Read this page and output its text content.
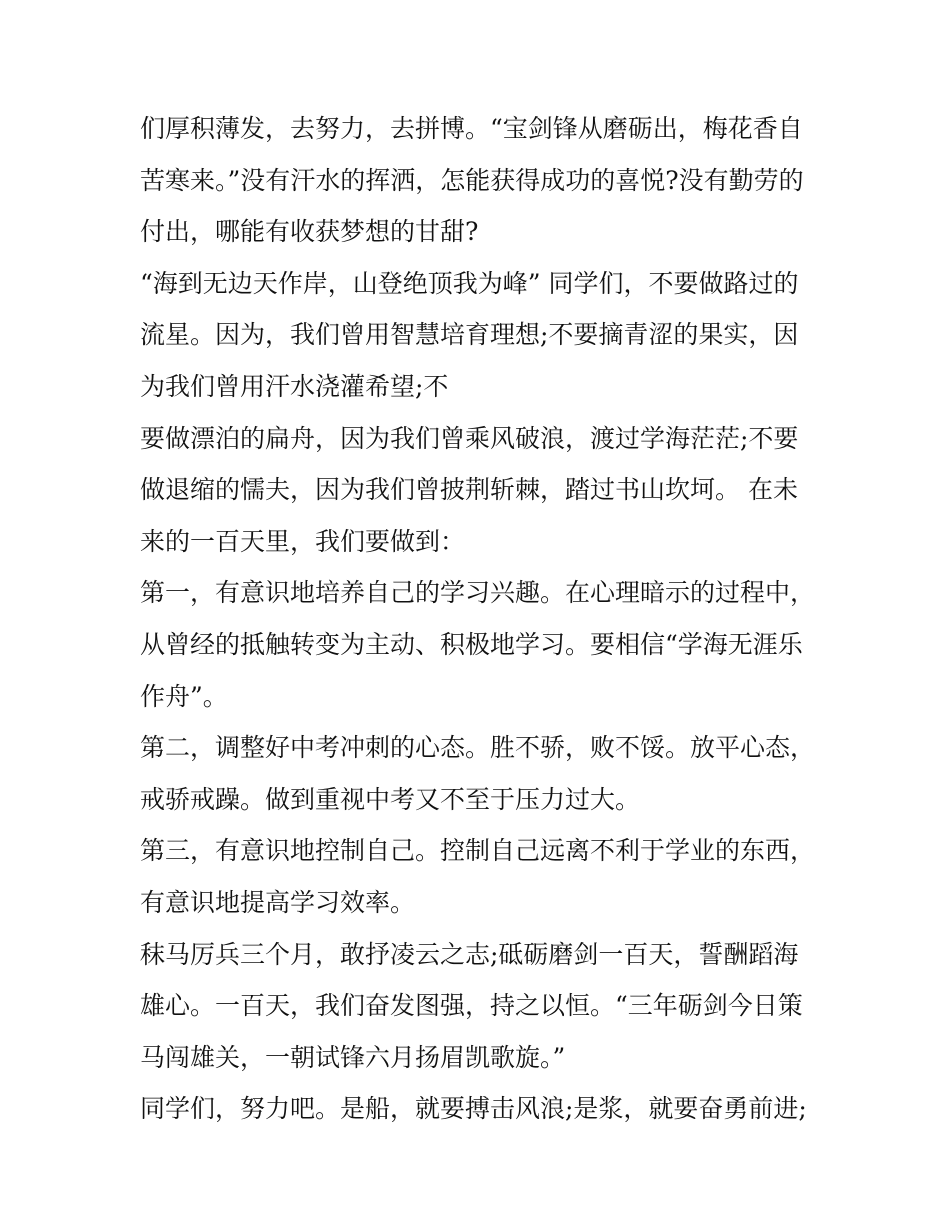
们厚积薄发，去努力，去拼博。“宝剑锋从磨砺出，梅花香自
苦寒来。”没有汗水的挥洒，怎能获得成功的喜悦?没有勤劳的
付出，哪能有收获梦想的甘甜?
“海到无边天作岸，山登绝顶我为峰” 同学们，不要做路过的
流星。因为，我们曾用智慧培育理想;不要摘青涩的果实，因
为我们曾用汗水浇灌希望;不
要做漂泊的扁舟，因为我们曾乘风破浪，渡过学海茫茫;不要
做退缩的懦夫，因为我们曾披荆斩棘，踏过书山坎坷。 在未
来的一百天里，我们要做到：
第一，有意识地培养自己的学习兴趣。在心理暗示的过程中，
从曾经的抵触转变为主动、积极地学习。要相信“学海无涯乐
作舟”。
第二，调整好中考冲刺的心态。胜不骄，败不馁。放平心态，
戒骄戒躁。做到重视中考又不至于压力过大。
第三，有意识地控制自己。控制自己远离不利于学业的东西，
有意识地提高学习效率。
秣马厉兵三个月，敢抒凌云之志;砥砺磨剑一百天，誓酬蹈海
雄心。一百天，我们奋发图强，持之以恒。“三年砺剑今日策
马闯雄关，一朝试锋六月扬眉凯歌旋。”
同学们，努力吧。是船，就要搏击风浪;是浆，就要奋勇前进;
